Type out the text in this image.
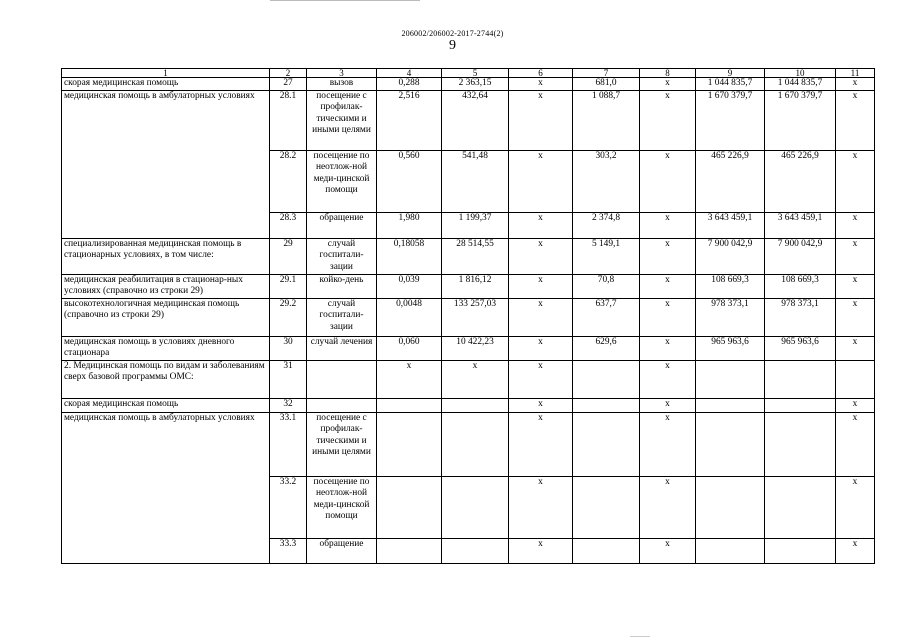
206002/206002-2017-2744(2)
9
1	2	3	4	5	6	7	8	9	10	11
скорая медицинская помощь	27	вызов	0,288	2 363,15	x	681,0	x	1 044 835,7	1 044 835,7	x
медицинская помощь в амбулаторных условиях	28.1	посещение с профилак-тическими и иными целями	2,516	432,64	x	1 088,7	x	1 670 379,7	1 670 379,7	x
	28.2	посещение по неотлож-ной меди-цинской помощи	0,560	541,48	x	303,2	x	465 226,9	465 226,9	x
	28.3	обращение	1,980	1 199,37	x	2 374,8	x	3 643 459,1	3 643 459,1	x
специализированная медицинская помощь в стационарных условиях, в том числе:	29	случай госпитали-зации	0,18058	28 514,55	x	5 149,1	x	7 900 042,9	7 900 042,9	x
медицинская реабилитация в стационар-ных условиях (справочно из строки 29)	29.1	койко-день	0,039	1 816,12	x	70,8	x	108 669,3	108 669,3	x
высокотехнологичная медицинская помощь (справочно из строки 29)	29.2	случай госпитали-зации	0,0048	133 257,03	x	637,7	x	978 373,1	978 373,1	x
медицинская помощь в условиях дневного стационара	30	случай лечения	0,060	10 422,23	x	629,6	x	965 963,6	965 963,6	x
2. Медицинская помощь по видам и заболеваниям сверх базовой программы ОМС:	31		x	x	x		x			
скорая медицинская помощь	32				x		x			x
медицинская помощь в амбулаторных условиях	33.1	посещение с профилак-тическими и иными целями			x		x			x
	33.2	посещение по неотлож-ной меди-цинской помощи			x		x			x
	33.3	обращение			x		x			x
